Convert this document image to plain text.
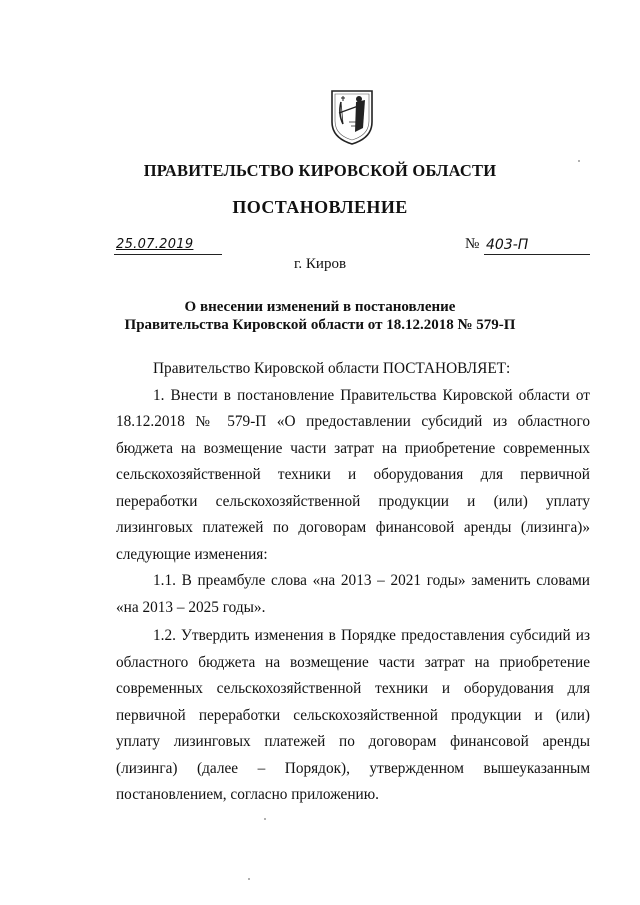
ПРАВИТЕЛЬСТВО КИРОВСКОЙ ОБЛАСТИ
ПОСТАНОВЛЕНИЕ
25.07.2019	№ 403-П
г. Киров
О внесении изменений в постановление
Правительства Кировской области от 18.12.2018 № 579-П

Правительство Кировской области ПОСТАНОВЛЯЕТ:

1. Внести в постановление Правительства Кировской области от 18.12.2018 № 579-П «О предоставлении субсидий из областного бюджета на возмещение части затрат на приобретение современных сельскохозяйственной техники и оборудования для первичной переработки сельскохозяйственной продукции и (или) уплату лизинговых платежей по договорам финансовой аренды (лизинга)» следующие изменения:

1.1. В преамбуле слова «на 2013 – 2021 годы» заменить словами «на 2013 – 2025 годы».

1.2. Утвердить изменения в Порядке предоставления субсидий из областного бюджета на возмещение части затрат на приобретение современных сельскохозяйственной техники и оборудования для первичной переработки сельскохозяйственной продукции и (или) уплату лизинговых платежей по договорам финансовой аренды (лизинга) (далее – Порядок), утвержденном вышеуказанным постановлением, согласно приложению.
